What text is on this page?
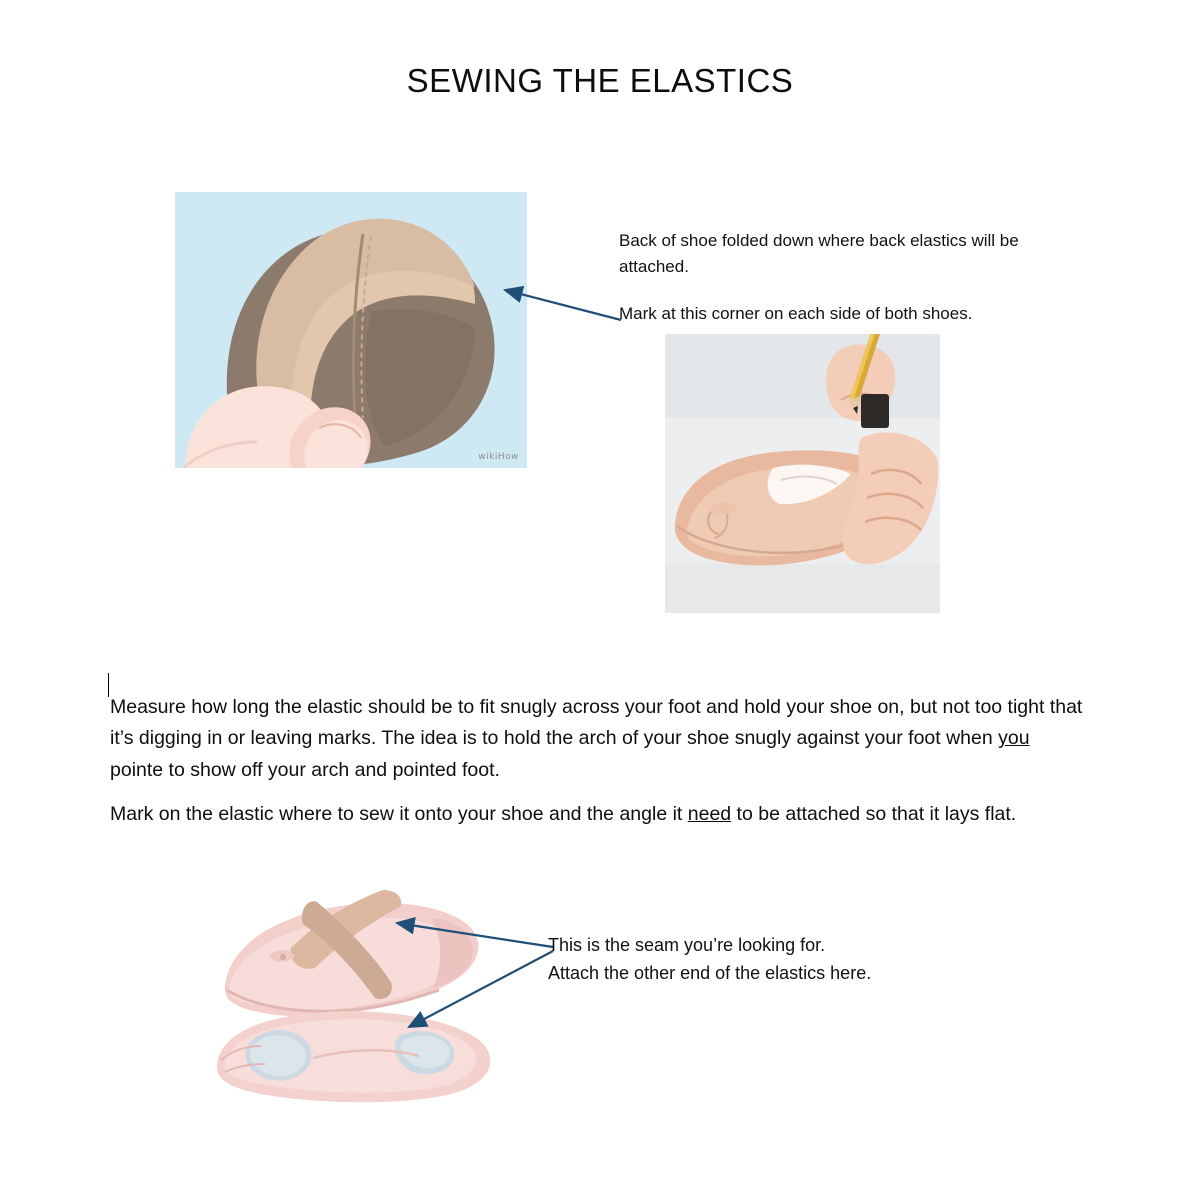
SEWING THE ELASTICS
wikiHow
Back of shoe folded down where back elastics will be attached.
Mark at this corner on each side of both shoes.

Measure how long the elastic should be to fit snugly across your foot and hold your shoe on, but not too tight that it’s digging in or leaving marks. The idea is to hold the arch of your shoe snugly against your foot when you pointe to show off your arch and pointed foot.

Mark on the elastic where to sew it onto your shoe and the angle it need to be attached so that it lays flat.

This is the seam you’re looking for.
Attach the other end of the elastics here.
